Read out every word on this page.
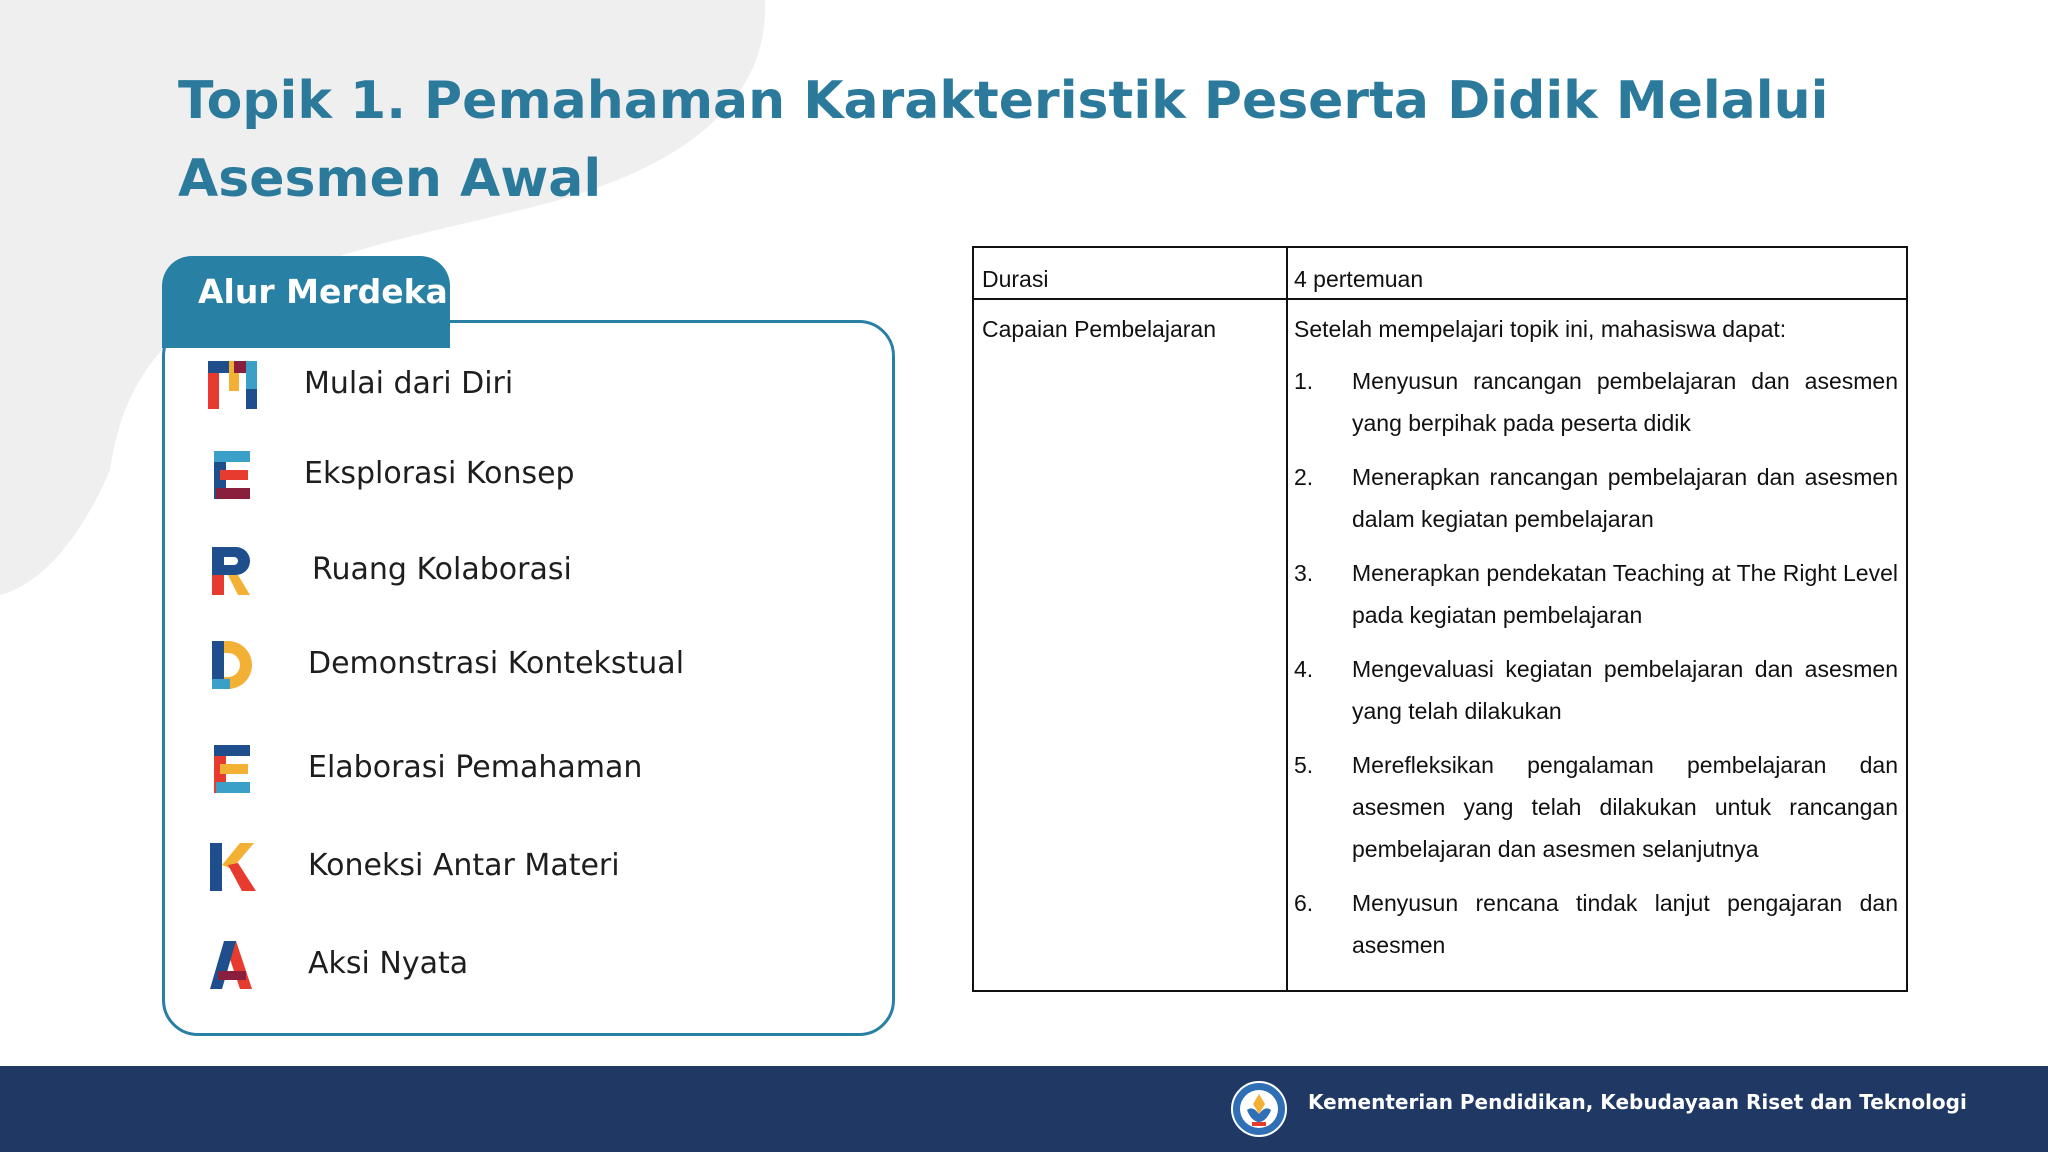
Topik 1. Pemahaman Karakteristik Peserta Didik Melalui Asesmen Awal
Alur Merdeka
Mulai dari Diri
Eksplorasi Konsep
Ruang Kolaborasi
Demonstrasi Kontekstual
Elaborasi Pemahaman
Koneksi Antar Materi
Aksi Nyata
Durasi	4 pertemuan
Capaian Pembelajaran	Setelah mempelajari topik ini, mahasiswa dapat:
1.	Menyusun rancangan pembelajaran dan asesmen yang berpihak pada peserta didik
2.	Menerapkan rancangan pembelajaran dan asesmen dalam kegiatan pembelajaran
3.	Menerapkan pendekatan Teaching at The Right Level pada kegiatan pembelajaran
4.	Mengevaluasi kegiatan pembelajaran dan asesmen yang telah dilakukan
5.	Merefleksikan pengalaman pembelajaran dan asesmen yang telah dilakukan untuk rancangan pembelajaran dan asesmen selanjutnya
6.	Menyusun rencana tindak lanjut pengajaran dan asesmen
Kementerian Pendidikan, Kebudayaan Riset dan Teknologi
